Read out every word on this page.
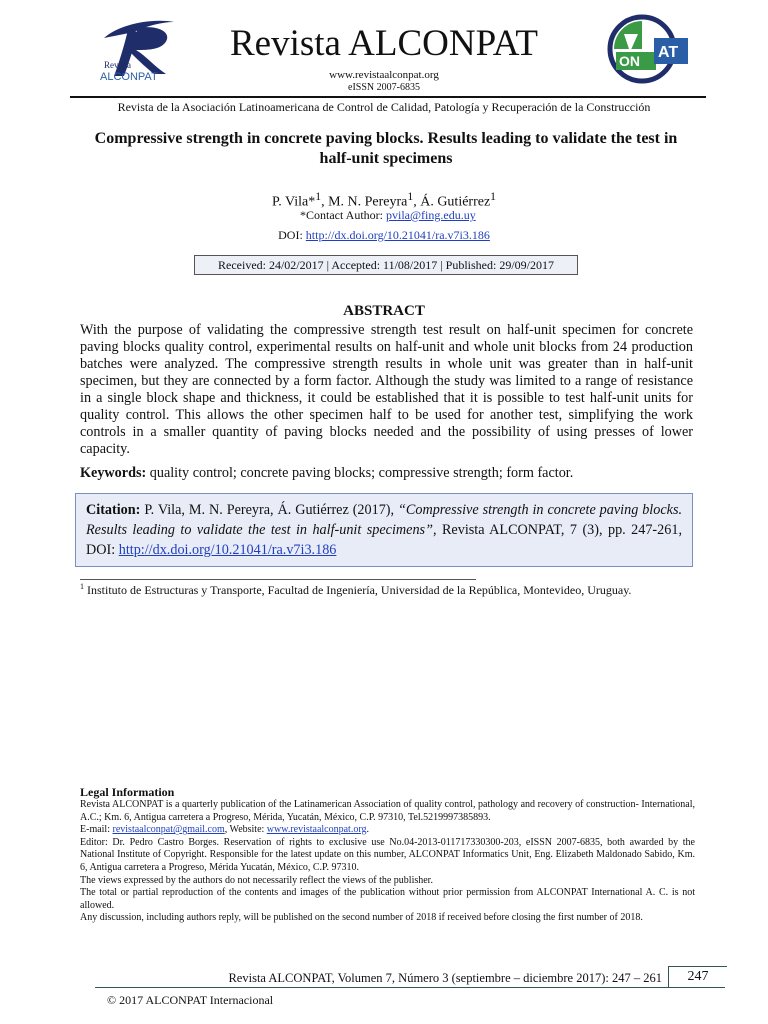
Revista
ALCONPAT
Revista ALCONPAT
www.revistaalconpat.org
eISSN 2007-6835
ON AT
Revista de la Asociación Latinoamericana de Control de Calidad, Patología y Recuperación de la Construcción
Compressive strength in concrete paving blocks. Results leading to validate the test in half-unit specimens
P. Vila*$^1$, M. N. Pereyra$^1$, Á. Gutiérrez$^1$
*Contact Author: pvila@fing.edu.uy
DOI: http://dx.doi.org/10.21041/ra.v7i3.186
Received: 24/02/2017 | Accepted: 11/08/2017 | Published: 29/09/2017
ABSTRACT
With the purpose of validating the compressive strength test result on half-unit specimen for concrete paving blocks quality control, experimental results on half-unit and whole unit blocks from 24 production batches were analyzed. The compressive strength results in whole unit was greater than in half-unit specimen, but they are connected by a form factor. Although the study was limited to a range of resistance in a single block shape and thickness, it could be established that it is possible to test half-unit units for quality control. This allows the other specimen half to be used for another test, simplifying the work controls in a smaller quantity of paving blocks needed and the possibility of using presses of lower capacity.
Keywords: quality control; concrete paving blocks; compressive strength; form factor.
Citation: P. Vila, M. N. Pereyra, Á. Gutiérrez (2017), “Compressive strength in concrete paving blocks. Results leading to validate the test in half-unit specimens”, Revista ALCONPAT, 7 (3), pp. 247-261, DOI: http://dx.doi.org/10.21041/ra.v7i3.186
$^1$ Instituto de Estructuras y Transporte, Facultad de Ingeniería, Universidad de la República, Montevideo, Uruguay.
Legal Information

Revista ALCONPAT is a quarterly publication of the Latinamerican Association of quality control, pathology and recovery of construction- International, A.C.; Km. 6, Antigua carretera a Progreso, Mérida, Yucatán, México, C.P. 97310, Tel.5219997385893.

E-mail: revistaalconpat@gmail.com, Website: www.revistaalconpat.org.

Editor: Dr. Pedro Castro Borges. Reservation of rights to exclusive use No.04-2013-011717330300-203, eISSN 2007-6835, both awarded by the National Institute of Copyright. Responsible for the latest update on this number, ALCONPAT Informatics Unit, Eng. Elizabeth Maldonado Sabido, Km. 6, Antigua carretera a Progreso, Mérida Yucatán, México, C.P. 97310.

The views expressed by the authors do not necessarily reflect the views of the publisher.

The total or partial reproduction of the contents and images of the publication without prior permission from ALCONPAT International A. C. is not allowed.

Any discussion, including authors reply, will be published on the second number of 2018 if received before closing the first number of 2018.

Revista ALCONPAT, Volumen 7, Número 3 (septiembre – diciembre 2017): 247 – 261	247
© 2017 ALCONPAT Internacional
